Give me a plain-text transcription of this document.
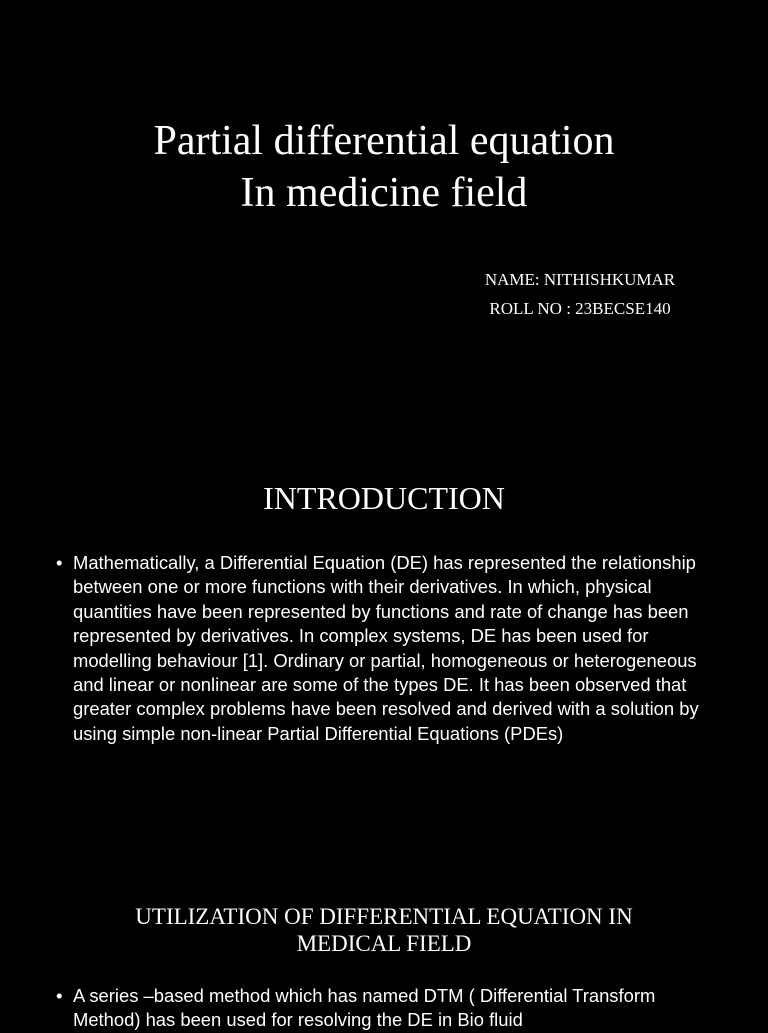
Partial differential equation
In medicine field
NAME: NITHISHKUMAR
ROLL NO : 23BECSE140
INTRODUCTION
• Mathematically, a Differential Equation (DE) has represented the relationship between one or more functions with their derivatives. In which, physical quantities have been represented by functions and rate of change has been represented by derivatives. In complex systems, DE has been used for modelling behaviour [1]. Ordinary or partial, homogeneous or heterogeneous and linear or nonlinear are some of the types DE. It has been observed that greater complex problems have been resolved and derived with a solution by using simple non-linear Partial Differential Equations (PDEs)
UTILIZATION OF DIFFERENTIAL EQUATION IN
MEDICAL FIELD
• A series –based method which has named DTM ( Differential Transform Method) has been used for resolving the DE in Bio fluid
